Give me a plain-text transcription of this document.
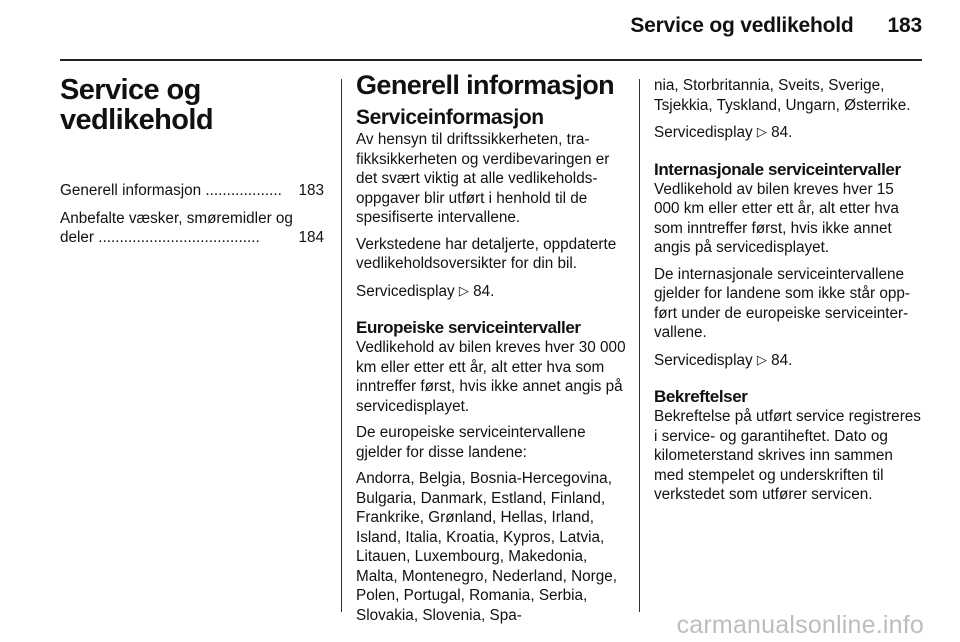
Service og vedlikehold 183
Service og
vedlikehold
Generell informasjon ..................	183
Anbefalte væsker, smøremidler og deler ......................................	184
Generell informasjon
Serviceinformasjon

Av hensyn til driftssikkerheten, trafikksikkerheten og verdibevaringen er det svært viktig at alle vedlikeholdsoppgaver blir utført i henhold til de spesifiserte intervallene.

Verkstedene har detaljerte, oppdaterte vedlikeholdsoversikter for din bil.

Servicedisplay ▷ 84.

Europeiske serviceintervaller

Vedlikehold av bilen kreves hver 30 000 km eller etter ett år, alt etter hva som inntreffer først, hvis ikke annet angis på servicedisplayet.

De europeiske serviceintervallene gjelder for disse landene:

Andorra, Belgia, Bosnia-Hercegovina, Bulgaria, Danmark, Estland, Finland, Frankrike, Grønland, Hellas, Irland, Island, Italia, Kroatia, Kypros, Latvia, Litauen, Luxembourg, Makedonia, Malta, Montenegro, Nederland, Norge, Polen, Portugal, Romania, Serbia, Slovakia, Slovenia, Spa-

nia, Storbritannia, Sveits, Sverige, Tsjekkia, Tyskland, Ungarn, Østerrike.

Servicedisplay ▷ 84.

Internasjonale serviceintervaller

Vedlikehold av bilen kreves hver 15 000 km eller etter ett år, alt etter hva som inntreffer først, hvis ikke annet angis på servicedisplayet.

De internasjonale serviceintervallene gjelder for landene som ikke står oppført under de europeiske serviceintervallene.

Servicedisplay ▷ 84.

Bekreftelser

Bekreftelse på utført service registreres i service- og garantiheftet. Dato og kilometerstand skrives inn sammen med stempelet og underskriften til verkstedet som utfører servicen.

carmanualsonline.info
